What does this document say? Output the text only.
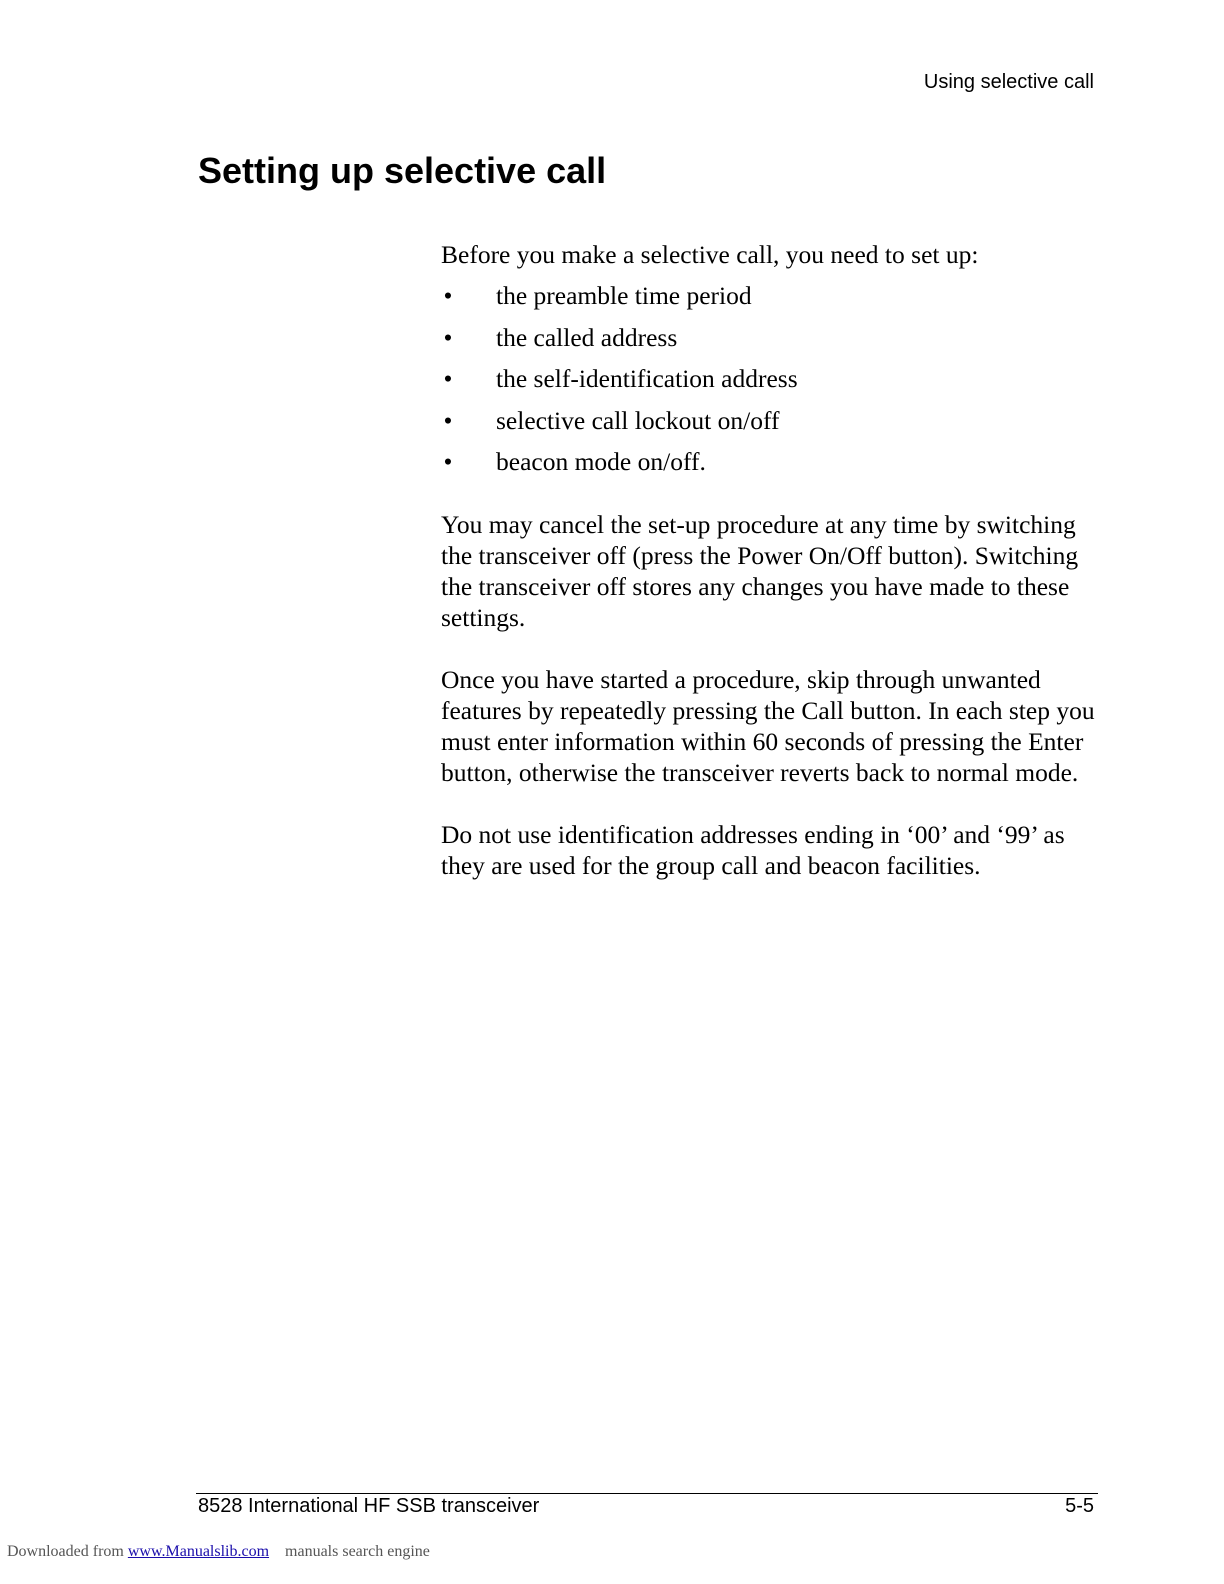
Using selective call
Setting up selective call

Before you make a selective call, you need to set up:

• the preamble time period
• the called address
• the self-identification address
• selective call lockout on/off
• beacon mode on/off.

You may cancel the set-up procedure at any time by switching the transceiver off (press the Power On/Off button). Switching the transceiver off stores any changes you have made to these settings.

Once you have started a procedure, skip through unwanted features by repeatedly pressing the Call button. In each step you must enter information within 60 seconds of pressing the Enter button, otherwise the transceiver reverts back to normal mode.

Do not use identification addresses ending in ‘00’ and ‘99’ as they are used for the group call and beacon facilities.

8528 International HF SSB transceiver	5-5
Downloaded from www.Manualslib.com manuals search engine
